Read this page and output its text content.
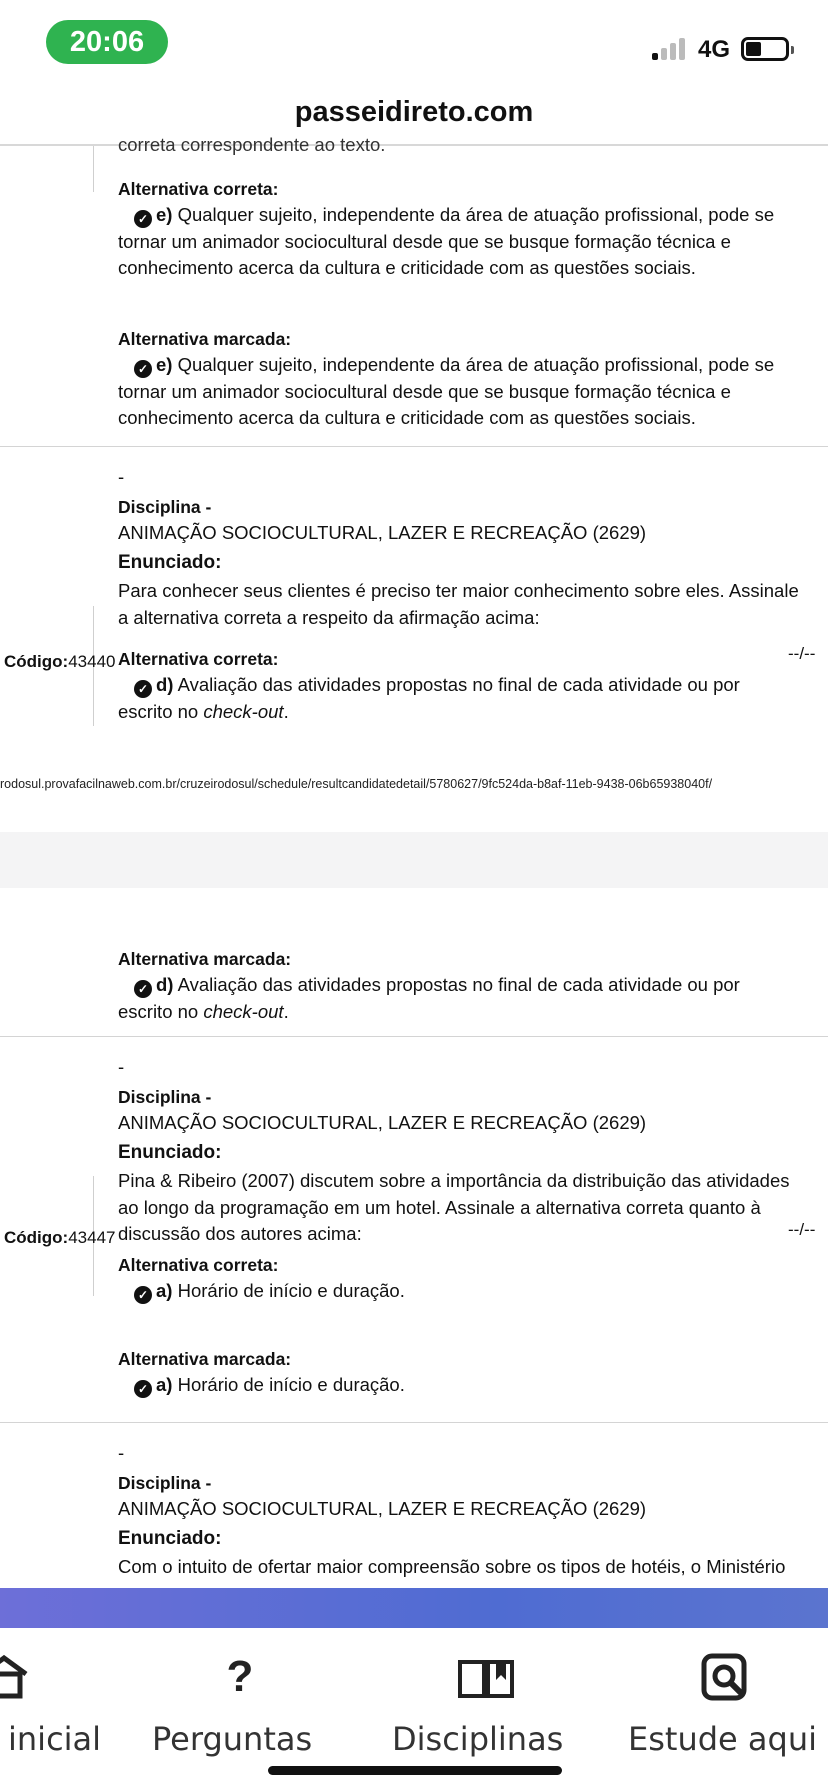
20:06	4G
passeidireto.com
correta correspondente ao texto.
Alternativa correta:
✓ e) Qualquer sujeito, independente da área de atuação profissional, pode se
tornar um animador sociocultural desde que se busque formação técnica e
conhecimento acerca da cultura e criticidade com as questões sociais.
Alternativa marcada:
✓ e) Qualquer sujeito, independente da área de atuação profissional, pode se
tornar um animador sociocultural desde que se busque formação técnica e
conhecimento acerca da cultura e criticidade com as questões sociais.
-
Disciplina -
ANIMAÇÃO SOCIOCULTURAL, LAZER E RECREAÇÃO (2629)
Enunciado:
Para conhecer seus clientes é preciso ter maior conhecimento sobre eles. Assinale
a alternativa correta a respeito da afirmação acima:
Código:43440	--/--
Alternativa correta:
✓ d) Avaliação das atividades propostas no final de cada atividade ou por
escrito no check-out.
rodosul.provafacilnaweb.com.br/cruzeirodosul/schedule/resultcandidatedetail/5780627/9fc524da-b8af-11eb-9438-06b65938040f/
Alternativa marcada:
✓ d) Avaliação das atividades propostas no final de cada atividade ou por
escrito no check-out.
-
Disciplina -
ANIMAÇÃO SOCIOCULTURAL, LAZER E RECREAÇÃO (2629)
Enunciado:
Pina & Ribeiro (2007) discutem sobre a importância da distribuição das atividades
ao longo da programação em um hotel. Assinale a alternativa correta quanto à
discussão dos autores acima:
Código:43447	--/--
Alternativa correta:
✓ a) Horário de início e duração.
Alternativa marcada:
✓ a) Horário de início e duração.
-
Disciplina -
ANIMAÇÃO SOCIOCULTURAL, LAZER E RECREAÇÃO (2629)
Enunciado:
Com o intuito de ofertar maior compreensão sobre os tipos de hotéis, o Ministério
inicial
?
Perguntas Disciplinas Estude aqui
